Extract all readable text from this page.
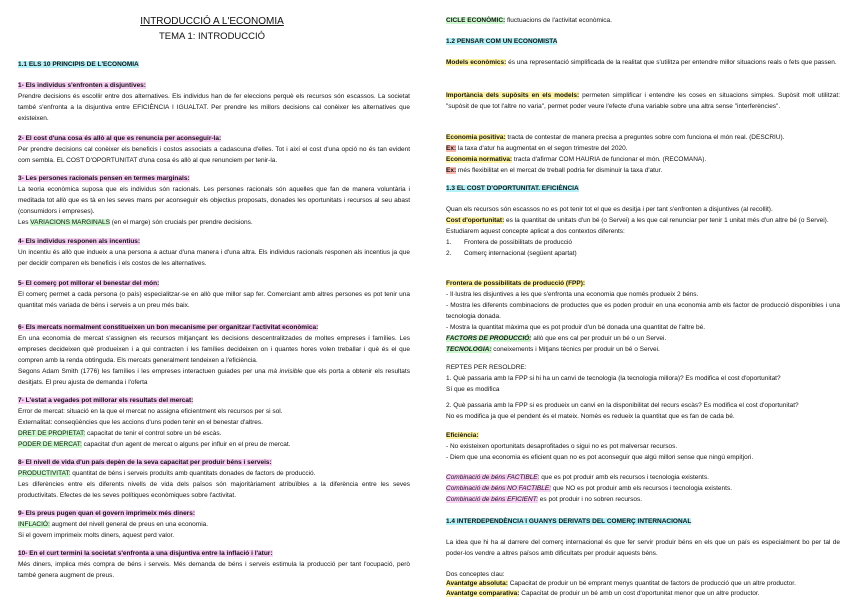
INTRODUCCIÓ A L'ECONOMIA
TEMA 1: INTRODUCCIÓ
1.1 ELS 10 PRINCIPIS DE L'ECONOMIA
1- Els individus s'enfronten a disjuntives:
Prendre decisions és escollir entre dos alternatives. Els individus han de fer eleccions perquè els recursos són escassos. La societat també s'enfronta a la disjuntiva entre EFICIÈNCIA I IGUALTAT. Per prendre les millors decisions cal conèixer les alternatives que existeixen.
2- El cost d'una cosa és allò al que es renuncia per aconseguir-la:
Per prendre decisions cal conèixer els beneficis i costos associats a cadascuna d'elles. Tot i així el cost d'una opció no és tan evident com sembla. EL COST D'OPORTUNITAT d'una cosa és allò al que renunciem per tenir-la.
3- Les persones racionals pensen en termes marginals:
La teoria econòmica suposa que els individus són racionals. Les persones racionals són aquelles que fan de manera voluntària i meditada tot allò que es tà en les seves mans per aconseguir els objectius proposats, donades les oportunitats i recursos al seu abast (consumidors i empreses).
Les VARIACIONS MARGINALS (en el marge) són crucials per prendre decisions.
4- Els individus responen als incentius:
Un incentiu és allò que indueix a una persona a actuar d'una manera i d'una altra. Els individus racionals responen als incentius ja que per decidir comparen els beneficis i els costos de les alternatives.
5- El comerç pot millorar el benestar del món:
El comerç permet a cada persona (o país) especialitzar-se en allò que millor sap fer. Comerciant amb altres persones es pot tenir una quantitat més variada de béns i serveis a un preu més baix.
6- Els mercats normalment constitueixen un bon mecanisme per organitzar l'activitat econòmica:
En una economia de mercat s'assignen els recursos mitjançant les decisions descentralitzades de moltes empreses i famílies. Les empreses decideixen què produeixen i a qui contracten i les famílies decideixen on i quantes hores volen treballar i què és el que compren amb la renda obtinguda. Els mercats generalment tendeixen a l'eficiència.
Segons Adam Smith (1776) les famílies i les empreses interactuen guiades per una mà invisible que els porta a obtenir els resultats desitjats. El preu ajusta de demanda i l'oferta
7- L'estat a vegades pot millorar els resultats del mercat:
Error de mercat: situació en la que el mercat no assigna eficientment els recursos per si sol.
Externalitat: conseqüències que les accions d'uns poden tenir en el benestar d'altres.
DRET DE PROPIETAT: capacitat de tenir el control sobre un bé escàs.
PODER DE MERCAT: capacitat d'un agent de mercat o alguns per influir en el preu de mercat.
8- El nivell de vida d'un país depèn de la seva capacitat per produir béns i serveis:
PRODUCTIVITAT: quantitat de béns i serveis produïts amb quantitats donades de factors de producció.
Les diferències entre els diferents nivells de vida dels països són majoritàriament atribuïbles a la diferència entre les seves productivitats. Efectes de les seves polítiques econòmiques sobre l'activitat.
9- Els preus pugen quan el govern imprimeix més diners:
INFLACIÓ: augment del nivell general de preus en una economia.
Si el govern imprimeix molts diners, aquest perd valor.
10- En el curt termini la societat s'enfronta a una disjuntiva entre la inflació i l'atur:
Més diners, implica més compra de béns i serveis. Més demanda de béns i serveis estimula la producció per tant l'ocupació, però també genera augment de preus.
CICLE ECONÒMIC: fluctuacions de l'activitat econòmica.
1.2 PENSAR COM UN ECONOMISTA
Models econòmics: és una representació simplificada de la realitat que s'utilitza per entendre millor situacions reals o fets que passen.
Importància dels supòsits en els models: permeten simplificar i entendre les coses en situacions simples. Supòsit molt utilitzat: "supòsit de que tot l'altre no varia", permet poder veure l'efecte d'una variable sobre una altra sense "interferències".
Economia positiva: tracta de contestar de manera precisa a preguntes sobre com funciona el món real. (DESCRIU).
Ex: la taxa d'atur ha augmentat en el segon trimestre del 2020.
Economia normativa: tracta d'afirmar COM HAURIA de funcionar el món. (RECOMANA).
Ex: més flexibilitat en el mercat de treball podria fer disminuir la taxa d'atur.
1.3 EL COST D'OPORTUNITAT. EFICIÈNCIA
Quan els recursos són escassos no es pot tenir tot el que es desitja i per tant s'enfronten a disjuntives (al recollit).
Cost d'oportunitat: es la quantitat de unitats d'un bé (o Servei) a les que cal renunciar per tenir 1 unitat més d'un altre bé (o Servei).
Estudiarem aquest concepte aplicat a dos contextos diferents:
1.	Frontera de possibilitats de producció
2.	Comerç internacional (següent apartat)
Frontera de possibilitats de producció (FPP):
- Il·lustra les disjuntives a les que s'enfronta una economia que només produeix 2 béns.
- Mostra les diferents combinacions de productes que es poden produir en una economia amb els factor de producció disponibles i una tecnologia donada.
- Mostra la quantitat màxima que es pot produir d'un bé donada una quantitat de l'altre bé.
FACTORS DE PRODUCCIÓ: allò que ens cal per produir un bé o un Servei.
TECNOLOGIA: coneixements i Mitjans tècnics per produir un bé o Servei.
REPTES PER RESOLDRE:
1. Què passaria amb la FPP si hi ha un canvi de tecnologia (la tecnologia millora)? Es modifica el cost d'oportunitat?
Sí que es modifica
2. Què passaria amb la FPP si es produeix un canvi en la disponibilitat del recurs escàs? Es modifica el cost d'oportunitat?
No es modifica ja que el pendent és el mateix. Només es redueix la quantitat que es fan de cada bé.
Eficiència:
- No existeixen oportunitats desaprofitades o sigui no es pot malversar recursos.
- Diem que una economia es eficient quan no es pot aconseguir que algú millori sense que ningú empitjori.
Combinació de béns FACTIBLE: que es pot produir amb els recursos i tecnologia existents.
Combinació de béns NO FACTIBLE: que NO es pot produir amb els recursos i tecnologia existents.
Combinació de béns EFICIENT: es pot produir i no sobren recursos.
1.4 INTERDEPENDÈNCIA I GUANYS DERIVATS DEL COMERÇ INTERNACIONAL
La idea que hi ha al darrere del comerç internacional és que fer servir produir béns en els que un país es especialment bo per tal de poder-los vendre a altres països amb dificultats per produir aquests béns.
Dos conceptes clau:
Avantatge absoluta: Capacitat de produir un bé emprant menys quantitat de factors de producció que un altre productor.
Avantatge comparativa: Capacitat de produir un bé amb un cost d'oportunitat menor que un altre productor.
